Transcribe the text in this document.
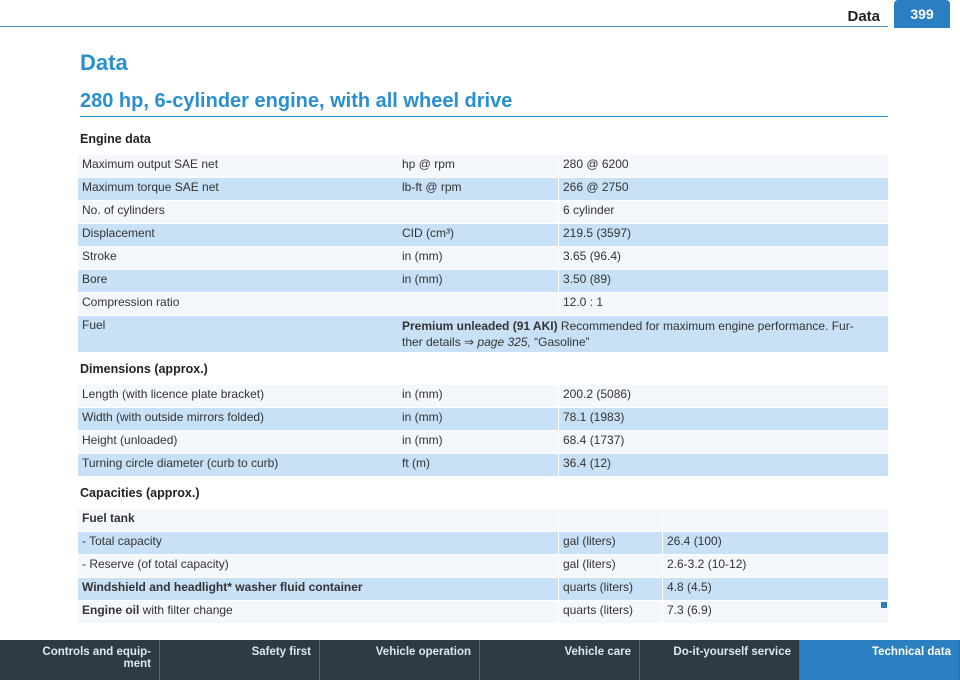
Data	399
Data
280 hp, 6-cylinder engine, with all wheel drive
Engine data
Maximum output SAE net	hp @ rpm	280 @ 6200
Maximum torque SAE net	lb-ft @ rpm	266 @ 2750
No. of cylinders		6 cylinder
Displacement	CID (cm³)	219.5 (3597)
Stroke	in (mm)	3.65 (96.4)
Bore	in (mm)	3.50 (89)
Compression ratio		12.0 : 1
Fuel	Premium unleaded (91 AKI) Recommended for maximum engine performance. Fur-
ther details ⇒ page 325, “Gasoline”	
Dimensions (approx.)
Length (with licence plate bracket)	in (mm)	200.2 (5086)
Width (with outside mirrors folded)	in (mm)	78.1 (1983)
Height (unloaded)	in (mm)	68.4 (1737)
Turning circle diameter (curb to curb)	ft (m)	36.4 (12)
Capacities (approx.)
Fuel tank		
- Total capacity	gal (liters)	26.4 (100)
- Reserve (of total capacity)	gal (liters)	2.6-3.2 (10-12)
Windshield and headlight* washer fluid container	quarts (liters)	4.8 (4.5)
Engine oil with filter change	quarts (liters)	7.3 (6.9)
Controls and equip-
ment
Safety first	Vehicle operation	Vehicle care	Do-it-yourself service	Technical data
